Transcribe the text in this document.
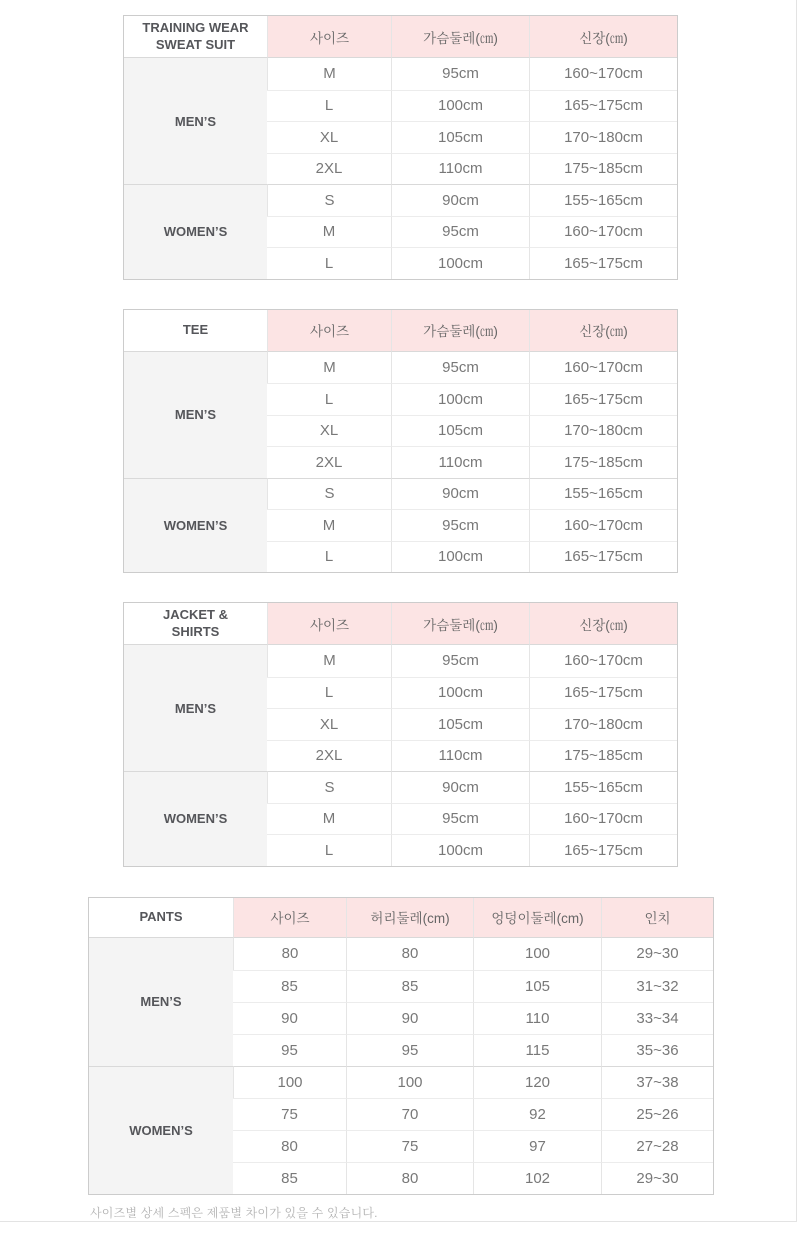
TRAINING WEAR SWEAT SUIT	사이즈	가슴둘레(㎝)	신장(㎝)
MEN’S	M	95cm	160~170cm
	L	100cm	165~175cm
	XL	105cm	170~180cm
	2XL	110cm	175~185cm
WOMEN’S	S	90cm	155~165cm
	M	95cm	160~170cm
	L	100cm	165~175cm
TEE	사이즈	가슴둘레(㎝)	신장(㎝)
MEN’S	M	95cm	160~170cm
	L	100cm	165~175cm
	XL	105cm	170~180cm
	2XL	110cm	175~185cm
WOMEN’S	S	90cm	155~165cm
	M	95cm	160~170cm
	L	100cm	165~175cm
JACKET & SHIRTS	사이즈	가슴둘레(㎝)	신장(㎝)
MEN’S	M	95cm	160~170cm
	L	100cm	165~175cm
	XL	105cm	170~180cm
	2XL	110cm	175~185cm
WOMEN’S	S	90cm	155~165cm
	M	95cm	160~170cm
	L	100cm	165~175cm
PANTS	사이즈	허리둘레(cm)	엉덩이둘레(cm)	인치
MEN’S	80	80	100	29~30
	85	85	105	31~32
	90	90	110	33~34
	95	95	115	35~36
WOMEN’S	100	100	120	37~38
	75	70	92	25~26
	80	75	97	27~28
	85	80	102	29~30

사이즈별 상세 스펙은 제품별 차이가 있을 수 있습니다.
